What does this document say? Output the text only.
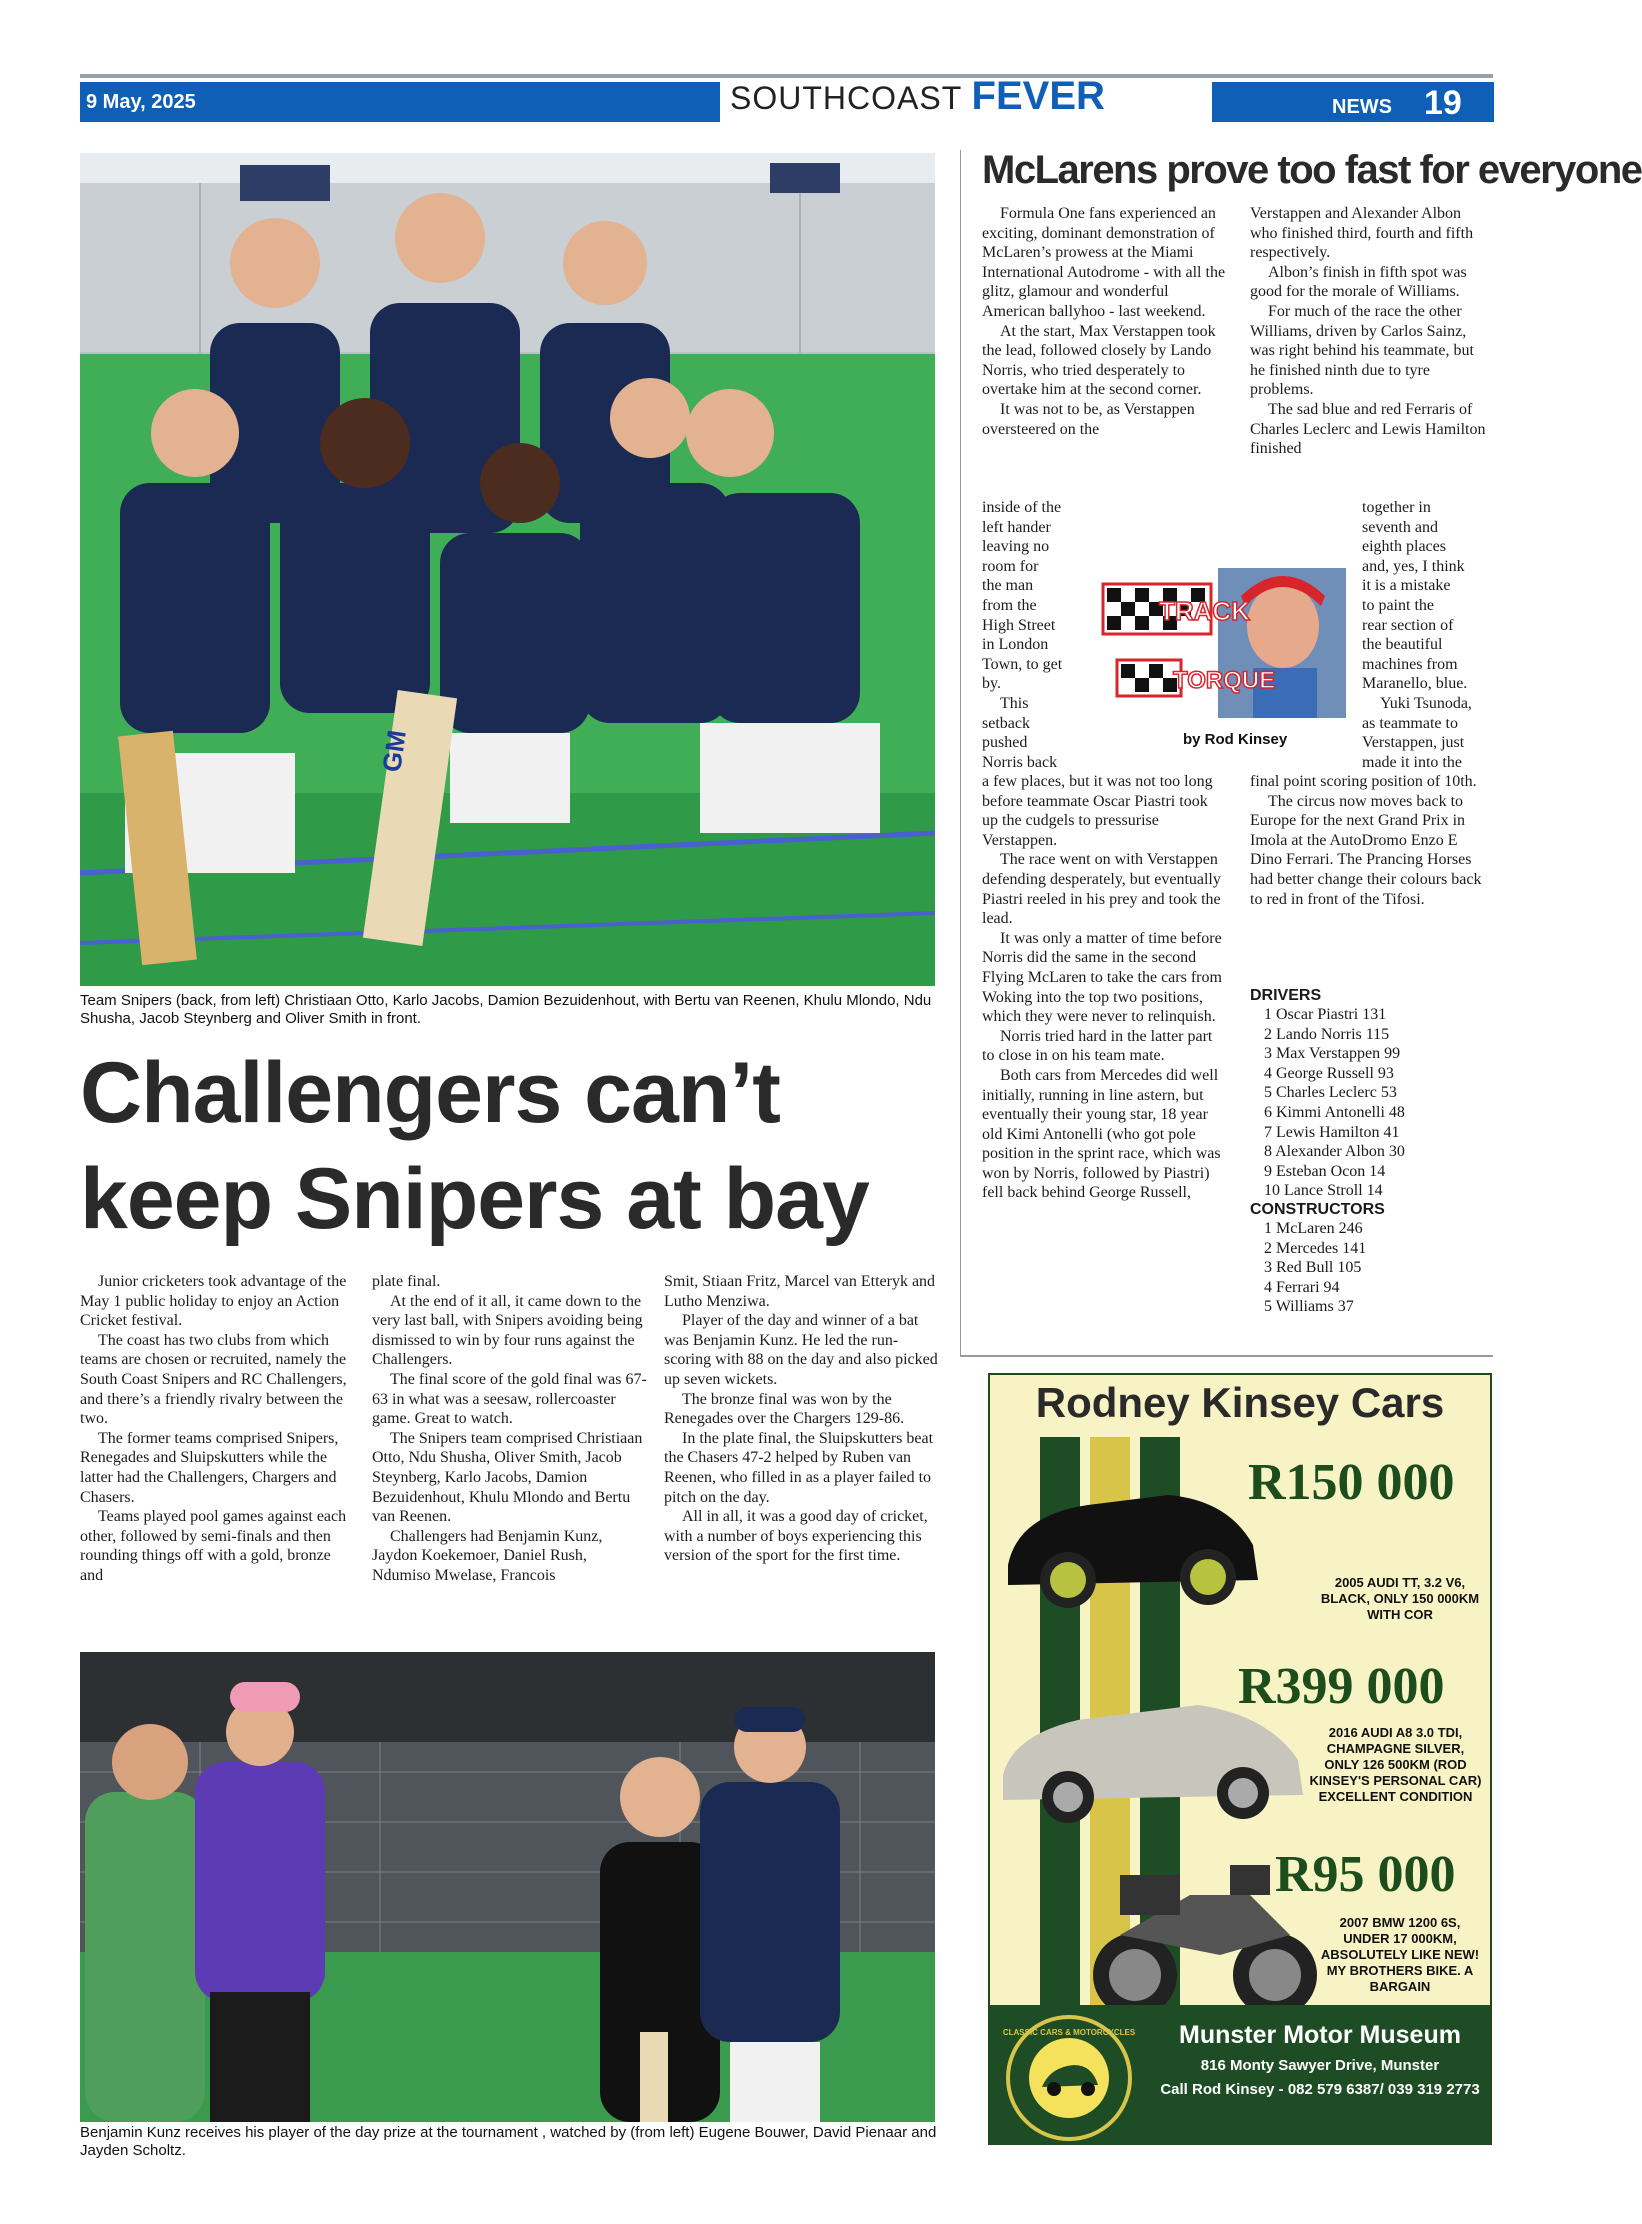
9 May, 2025	SOUTHCOAST FEVER	NEWS 19
GM
Team Snipers (back, from left) Christiaan Otto, Karlo Jacobs, Damion Bezuidenhout, with Bertu van Reenen, Khulu Mlondo, Ndu Shusha, Jacob Steynberg and Oliver Smith in front.
Challengers can’t
keep Snipers at bay

Junior cricketers took advantage of the May 1 public holiday to enjoy an Action Cricket festival.

The coast has two clubs from which teams are chosen or recruited, namely the South Coast Snipers and RC Challengers, and there’s a friendly rivalry between the two.

The former teams comprised Snipers, Renegades and Sluipskutters while the latter had the Challengers, Chargers and Chasers.

Teams played pool games against each other, followed by semi-finals and then rounding things off with a gold, bronze and

plate final.

At the end of it all, it came down to the very last ball, with Snipers avoiding being dismissed to win by four runs against the Challengers.

The final score of the gold final was 67-63 in what was a seesaw, rollercoaster game. Great to watch.

The Snipers team comprised Christiaan Otto, Ndu Shusha, Oliver Smith, Jacob Steynberg, Karlo Jacobs, Damion Bezuidenhout, Khulu Mlondo and Bertu van Reenen.

Challengers had Benjamin Kunz, Jaydon Koekemoer, Daniel Rush, Ndumiso Mwelase, Francois

Smit, Stiaan Fritz, Marcel van Etteryk and Lutho Menziwa.

Player of the day and winner of a bat was Benjamin Kunz. He led the run-scoring with 88 on the day and also picked up seven wickets.

The bronze final was won by the Renegades over the Chargers 129-86.

In the plate final, the Sluipskutters beat the Chasers 47-2 helped by Ruben van Reenen, who filled in as a player failed to pitch on the day.

All in all, it was a good day of cricket, with a number of boys experiencing this version of the sport for the first time.

Benjamin Kunz receives his player of the day prize at the tournament , watched by (from left) Eugene Bouwer, David Pienaar and Jayden Scholtz.
McLarens prove too fast for everyone

Formula One fans experienced an exciting, dominant demonstration of McLaren’s prowess at the Miami International Autodrome - with all the glitz, glamour and wonderful American ballyhoo - last weekend.

At the start, Max Verstappen took the lead, followed closely by Lando Norris, who tried desperately to overtake him at the second corner.

It was not to be, as Verstappen oversteered on the

inside of the
left hander
leaving no
room for
the man
from the
High Street
in London
Town, to get
by.
This
setback
pushed
Norris back

a few places, but it was not too long before teammate Oscar Piastri took up the cudgels to pressurise Verstappen.

The race went on with Verstappen defending desperately, but eventually Piastri reeled in his prey and took the lead.

It was only a matter of time before Norris did the same in the second Flying McLaren to take the cars from Woking into the top two positions, which they were never to relinquish.

Norris tried hard in the latter part to close in on his team mate.

Both cars from Mercedes did well initially, running in line astern, but eventually their young star, 18 year old Kimi Antonelli (who got pole position in the sprint race, which was won by Norris, followed by Piastri) fell back behind George Russell,

Verstappen and Alexander Albon who finished third, fourth and fifth respectively.

Albon’s finish in fifth spot was good for the morale of Williams.

For much of the race the other Williams, driven by Carlos Sainz, was right behind his teammate, but he finished ninth due to tyre problems.

The sad blue and red Ferraris of Charles Leclerc and Lewis Hamilton finished

together in
seventh and
eighth places
and, yes, I think
it is a mistake
to paint the
rear section of
the beautiful
machines from
Maranello, blue.
Yuki Tsunoda,
as teammate to
Verstappen, just
made it into the

final point scoring position of 10th.

The circus now moves back to Europe for the next Grand Prix in Imola at the AutoDromo Enzo E Dino Ferrari. The Prancing Horses had better change their colours back to red in front of the Tifosi.

DRIVERS
1 Oscar Piastri 131
2 Lando Norris 115
3 Max Verstappen 99
4 George Russell 93
5 Charles Leclerc 53
6 Kimmi Antonelli 48
7 Lewis Hamilton 41
8 Alexander Albon 30
9 Esteban Ocon 14
10 Lance Stroll 14
CONSTRUCTORS
1 McLaren 246
2 Mercedes 141
3 Red Bull 105
4 Ferrari 94
5 Williams 37
TRACK
TORQUE
by Rod Kinsey
Rodney Kinsey Cars
R150 000
2005 AUDI TT, 3.2 V6, BLACK, ONLY 150 000KM WITH COR
R399 000
2016 AUDI A8 3.0 TDI, CHAMPAGNE SILVER, ONLY 126 500KM (ROD KINSEY'S PERSONAL CAR) EXCELLENT CONDITION
R95 000
2007 BMW 1200 6S, UNDER 17 000KM, ABSOLUTELY LIKE NEW! MY BROTHERS BIKE. A BARGAIN
CLASSIC CARS & MOTORCYCLES	Munster Motor Museum
816 Monty Sawyer Drive, Munster
Call Rod Kinsey - 082 579 6387/ 039 319 2773
